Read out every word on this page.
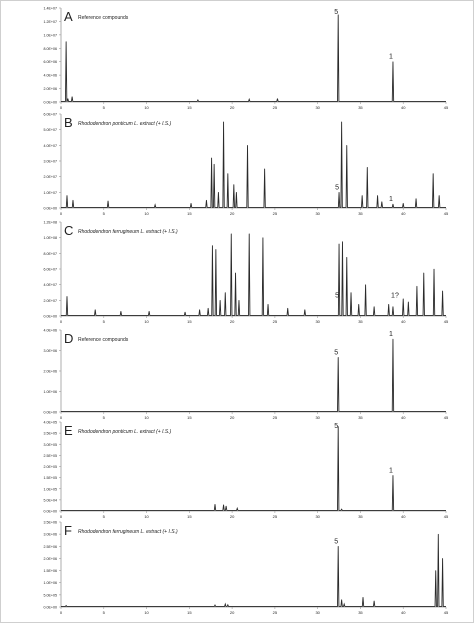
0.0E+00
2.0E+06
4.0E+06
6.0E+06
8.0E+06
1.0E+07
1.2E+07
1.4E+07
0	5	10	15	20	25	30	35	40	45
A Reference compounds
5
1
0.0E+00
1.0E+07
2.0E+07
3.0E+07
4.0E+07
5.0E+07
6.0E+07
0	5	10	15	20	25	30	35	40	45
B Rhododendron ponticum L. extract (+ I.S.)
5
1
0.0E+00
2.0E+07
4.0E+07
6.0E+07
8.0E+07
1.0E+08
1.2E+08
0	5	10	15	20	25	30	35	40	45
C Rhododendron ferrugineum L. extract (+ I.S.)
5	1?
0.0E+00
1.0E+06
2.0E+06
3.0E+06
4.0E+06
0	5	10	15	20	25	30	35	40	45
D Reference compounds
5
1
0.0E+00
5.0E+04
1.0E+05
1.5E+05
2.0E+05
2.5E+05
3.0E+05
3.5E+05
4.0E+05
0	5	10	15	20	25	30	35	40	45
E Rhododendron ponticum L. extract (+ I.S.)
5
1
0.0E+00
5.0E+05
1.0E+06
1.5E+06
2.0E+06
2.5E+06
3.0E+06
3.5E+06
0	5	10	15	20	25	30	35	40	45
F Rhododendron ferrugineum L. extract (+ I.S.)
5
